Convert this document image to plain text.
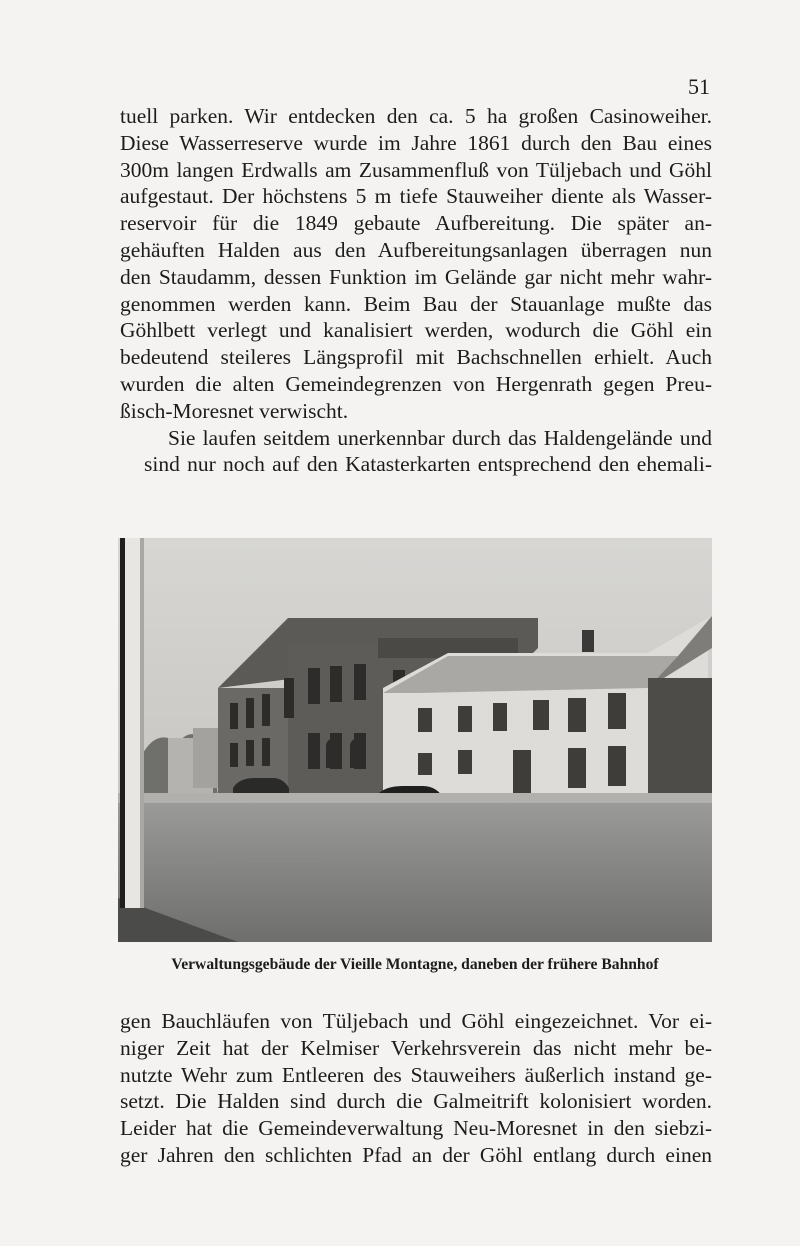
51

tuell parken. Wir entdecken den ca. 5 ha großen Casinoweiher.
Diese Wasserreserve wurde im Jahre 1861 durch den Bau eines
300m langen Erdwalls am Zusammenfluß von Tüljebach und Göhl
aufgestaut. Der höchstens 5 m tiefe Stauweiher diente als Wasser-
reservoir für die 1849 gebaute Aufbereitung. Die später an-
gehäuften Halden aus den Aufbereitungsanlagen überragen nun
den Staudamm, dessen Funktion im Gelände gar nicht mehr wahr-
genommen werden kann. Beim Bau der Stauanlage mußte das
Göhlbett verlegt und kanalisiert werden, wodurch die Göhl ein
bedeutend steileres Längsprofil mit Bachschnellen erhielt. Auch
wurden die alten Gemeindegrenzen von Hergenrath gegen Preu-
ßisch-Moresnet verwischt.

Sie laufen seitdem unerkennbar durch das Haldengelände und
sind nur noch auf den Katasterkarten entsprechend den ehemali-

Verwaltungsgebäude der Vieille Montagne, daneben der frühere Bahnhof

gen Bauchläufen von Tüljebach und Göhl eingezeichnet. Vor ei-
niger Zeit hat der Kelmiser Verkehrsverein das nicht mehr be-
nutzte Wehr zum Entleeren des Stauweihers äußerlich instand ge-
setzt. Die Halden sind durch die Galmeitrift kolonisiert worden.
Leider hat die Gemeindeverwaltung Neu-Moresnet in den siebzi-
ger Jahren den schlichten Pfad an der Göhl entlang durch einen
